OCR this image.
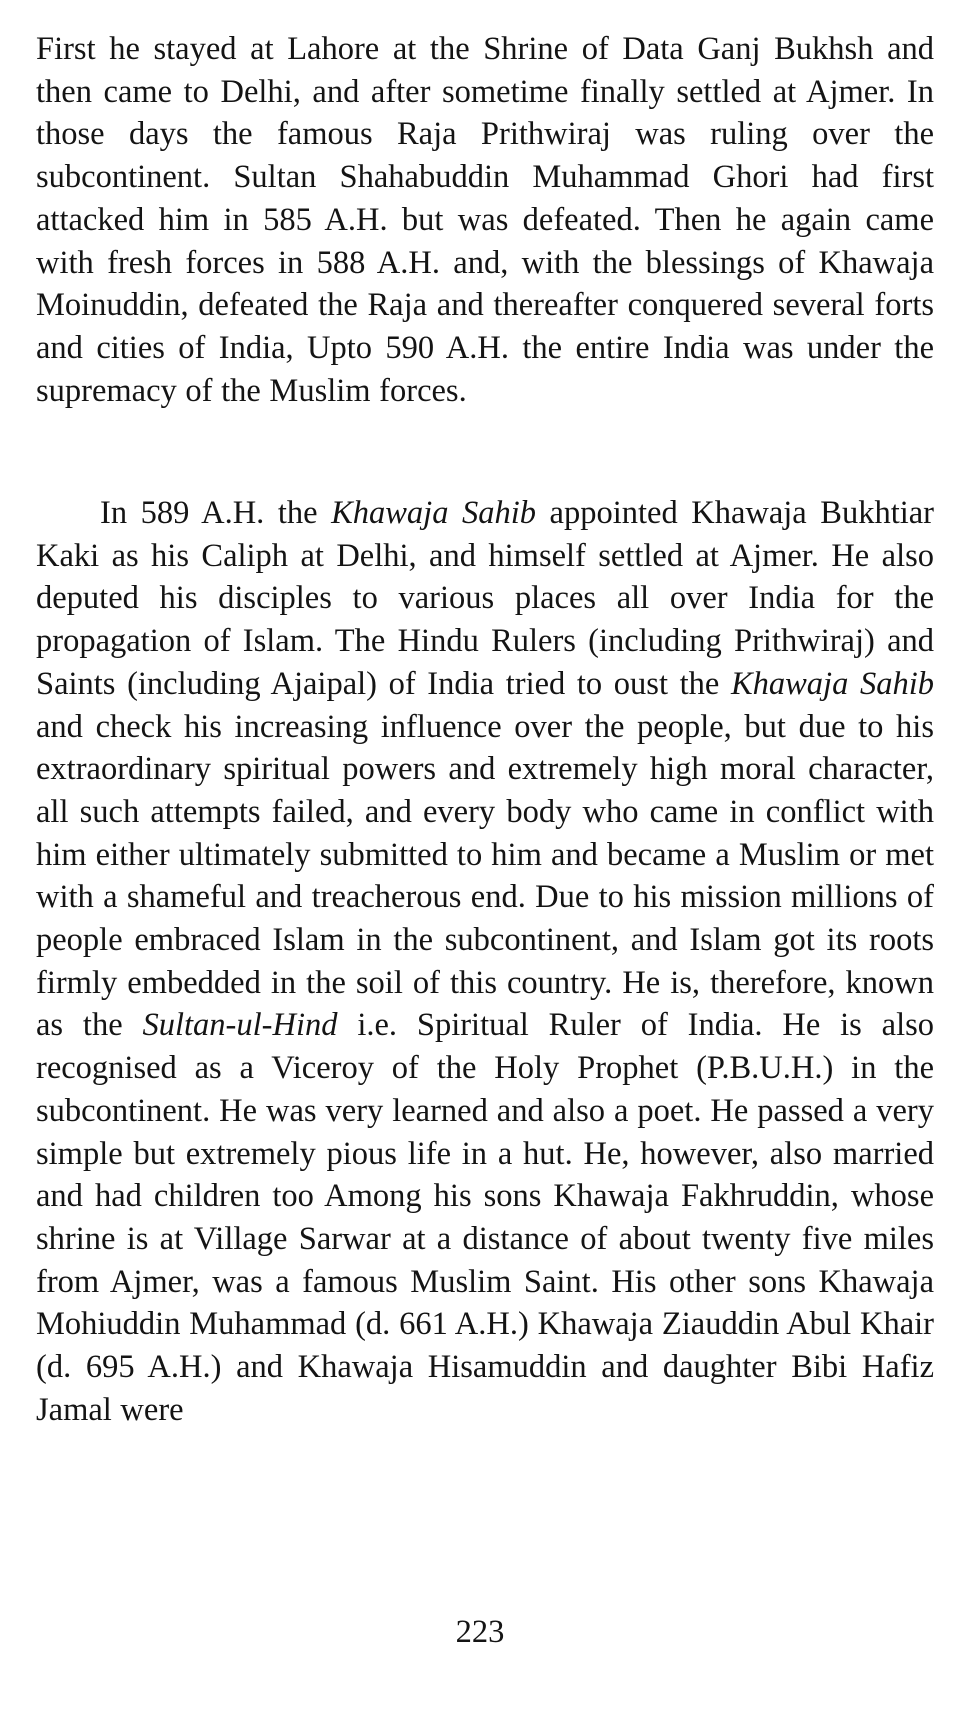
First he stayed at Lahore at the Shrine of Data Ganj Bukhsh and then came to Delhi, and after sometime finally settled at Ajmer. In those days the famous Raja Prithwiraj was ruling over the subcontinent. Sultan Shahabuddin Muhammad Ghori had first attacked him in 585 A.H. but was defeated. Then he again came with fresh forces in 588 A.H. and, with the blessings of Khawaja Moinuddin, defeated the Raja and thereafter conquered several forts and cities of India, Upto 590 A.H. the entire India was under the supremacy of the Muslim forces.

In 589 A.H. the Khawaja Sahib appointed Khawaja Bukhtiar Kaki as his Caliph at Delhi, and himself settled at Ajmer. He also deputed his disciples to various places all over India for the propagation of Islam. The Hindu Rulers (including Prithwiraj) and Saints (including Ajaipal) of India tried to oust the Khawaja Sahib and check his increasing influence over the people, but due to his extraordinary spiritual powers and extremely high moral character, all such attempts failed, and every body who came in conflict with him either ultimately submitted to him and became a Muslim or met with a shameful and treacherous end. Due to his mission millions of people embraced Islam in the subcontinent, and Islam got its roots firmly embedded in the soil of this country. He is, therefore, known as the Sultan-ul-Hind i.e. Spiritual Ruler of India. He is also recognised as a Viceroy of the Holy Prophet (P.B.U.H.) in the subcontinent. He was very learned and also a poet. He passed a very simple but extremely pious life in a hut. He, however, also married and had children too Among his sons Khawaja Fakhruddin, whose shrine is at Village Sarwar at a distance of about twenty five miles from Ajmer, was a famous Muslim Saint. His other sons Khawaja Mohiuddin Muhammad (d. 661 A.H.) Khawaja Ziauddin Abul Khair (d. 695 A.H.) and Khawaja Hisamuddin and daughter Bibi Hafiz Jamal were

223
